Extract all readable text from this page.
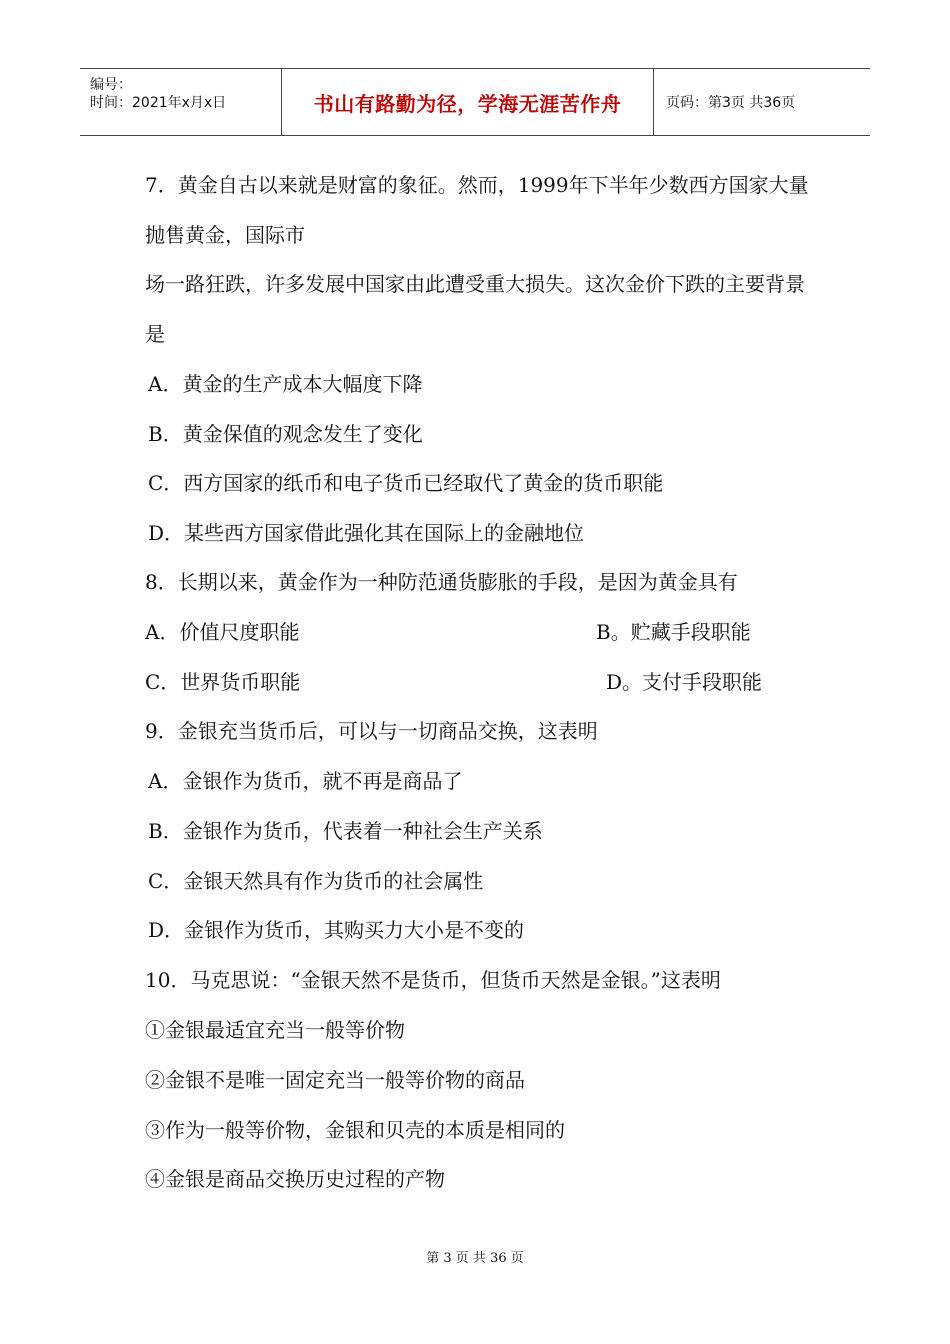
编号：
时间：2021年x月x日	书山有路勤为径，学海无涯苦作舟	页码：第3页 共36页
7．黄金自古以来就是财富的象征。然而，1999年下半年少数西方国家大量
抛售黄金，国际市
场一路狂跌，许多发展中国家由此遭受重大损失。这次金价下跌的主要背景
是
A．黄金的生产成本大幅度下降
B．黄金保值的观念发生了变化
C．西方国家的纸币和电子货币已经取代了黄金的货币职能
D．某些西方国家借此强化其在国际上的金融地位
8．长期以来，黄金作为一种防范通货膨胀的手段，是因为黄金具有
A．价值尺度职能	B。贮藏手段职能
C．世界货币职能	D。支付手段职能
9．金银充当货币后，可以与一切商品交换，这表明
A．金银作为货币，就不再是商品了
B．金银作为货币，代表着一种社会生产关系
C．金银天然具有作为货币的社会属性
D．金银作为货币，其购买力大小是不变的
10．马克思说：“金银天然不是货币，但货币天然是金银。”这表明
①金银最适宜充当一般等价物
②金银不是唯一固定充当一般等价物的商品
③作为一般等价物，金银和贝壳的本质是相同的
④金银是商品交换历史过程的产物
第 3 页 共 36 页
